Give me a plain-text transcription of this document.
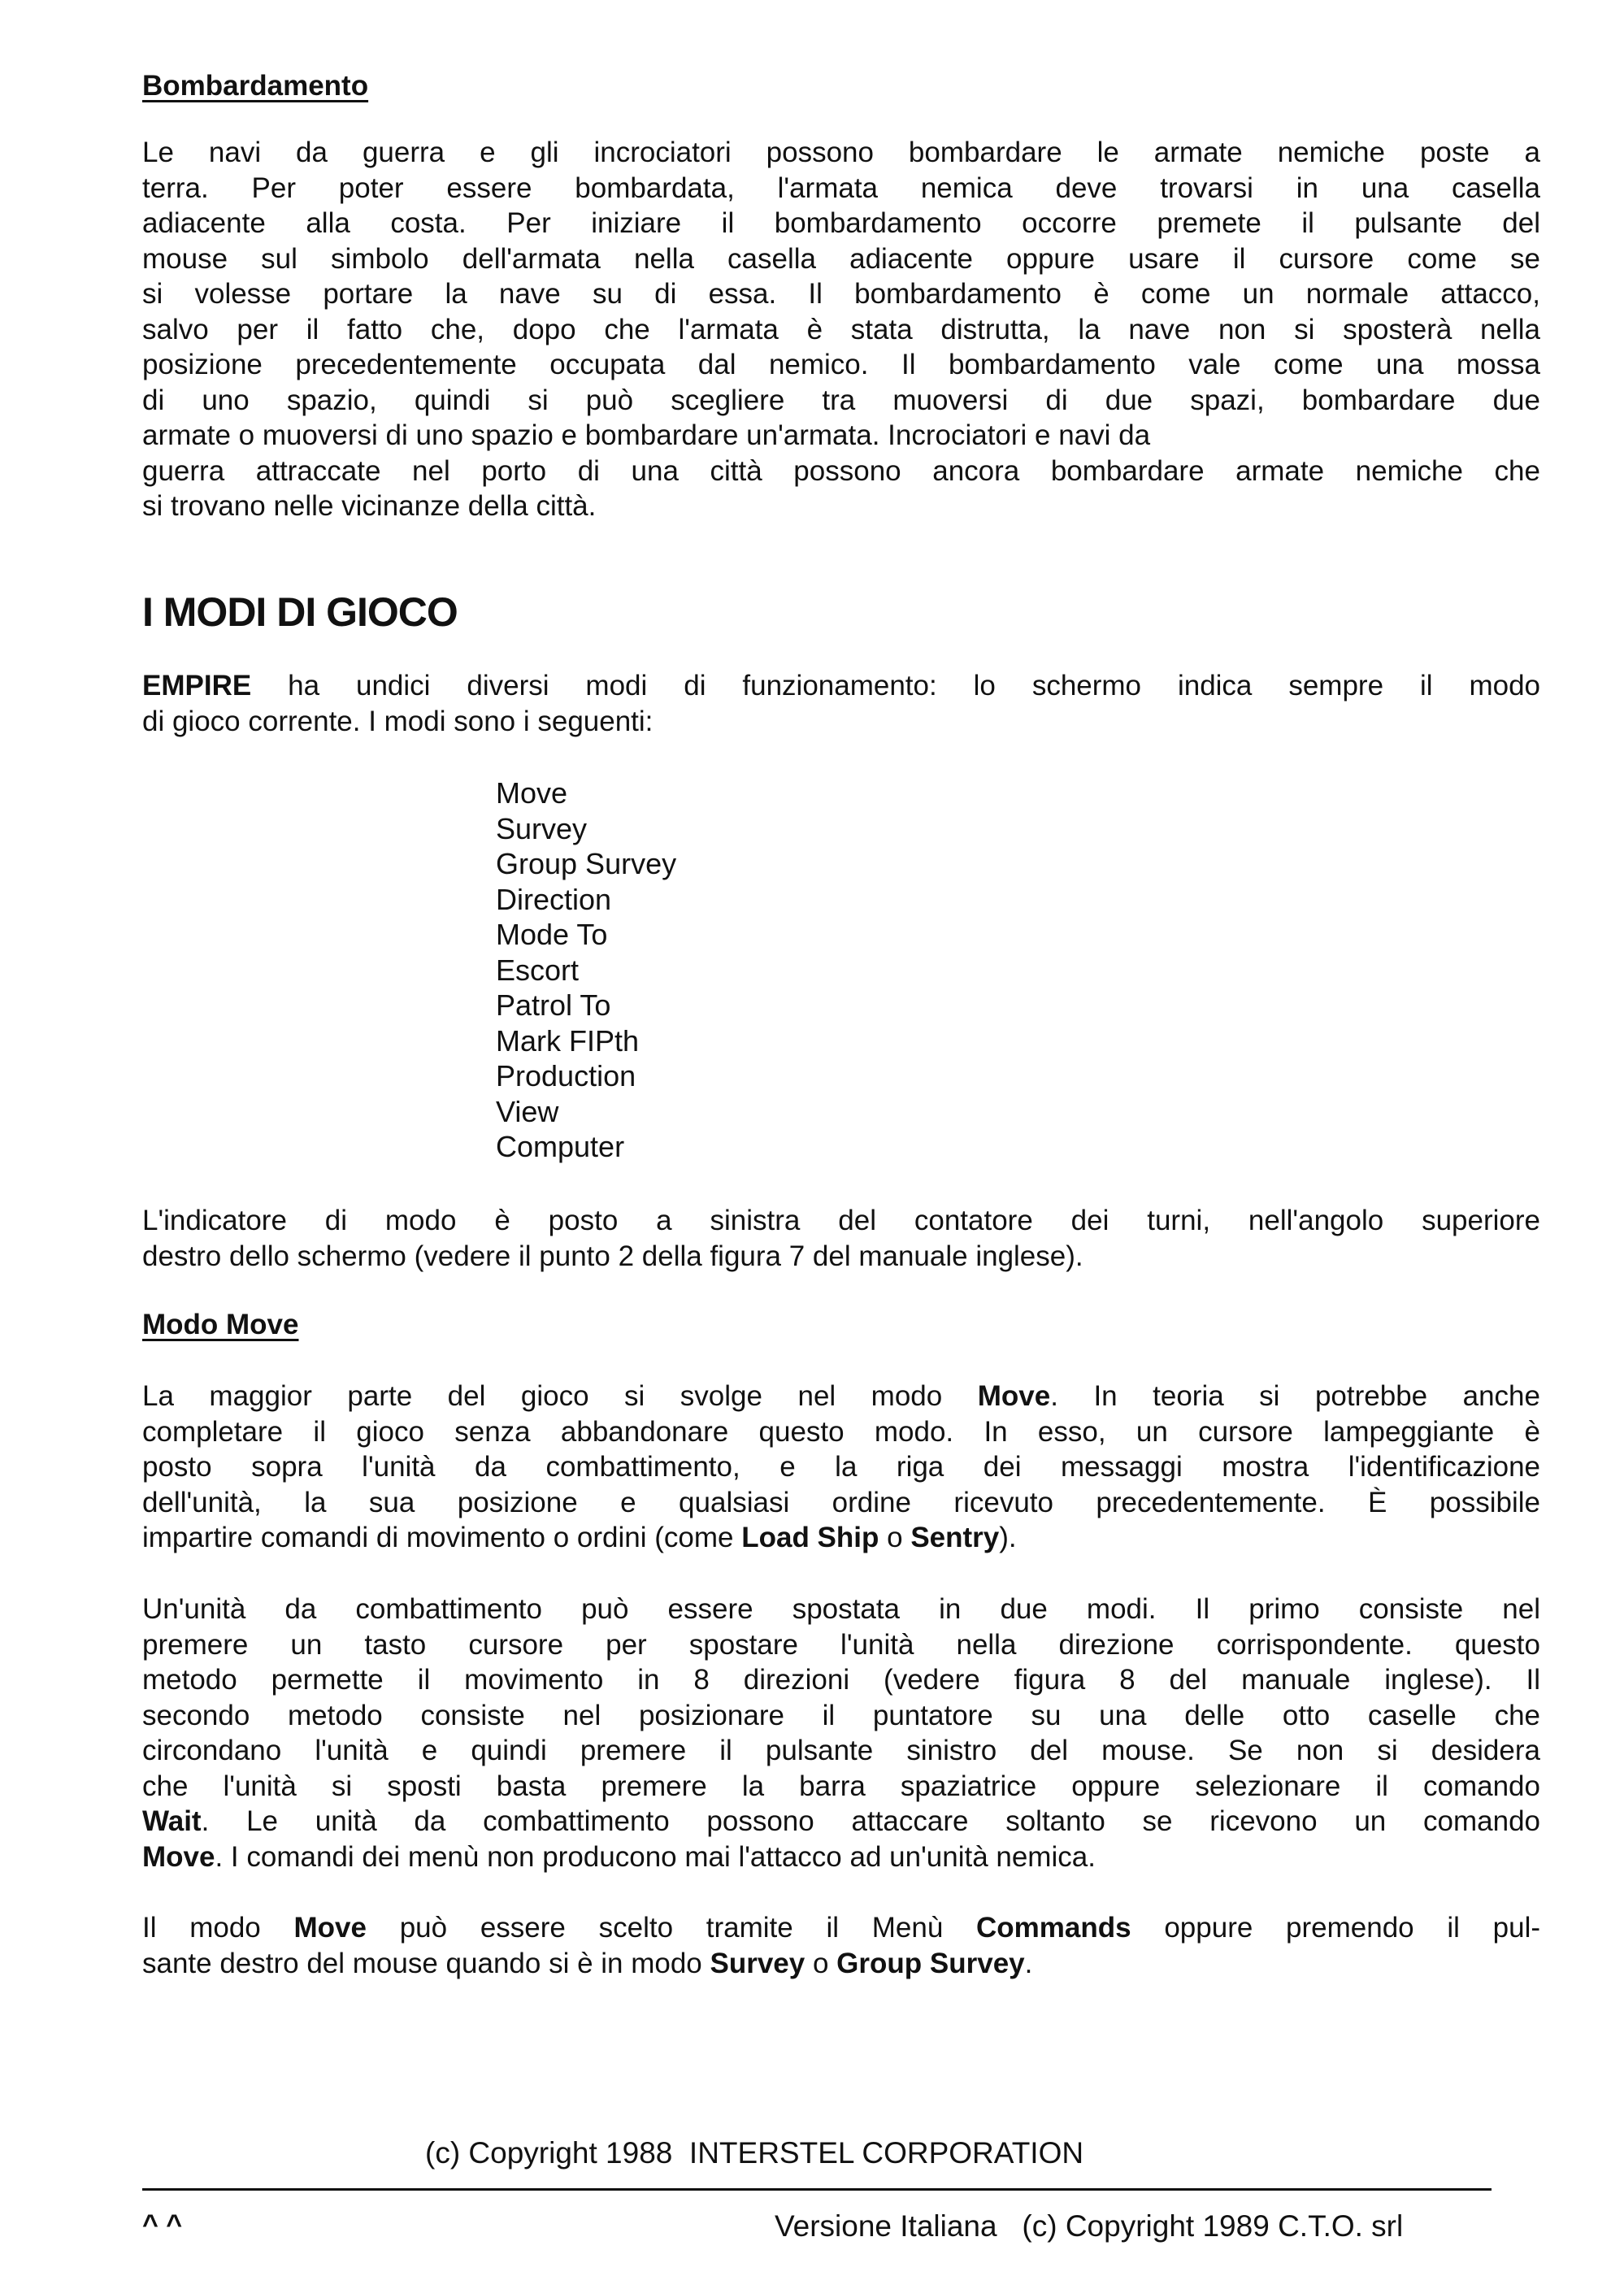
Bombardamento
Le navi da guerra e gli incrociatori possono bombardare le armate nemiche poste a
terra. Per poter essere bombardata, l'armata nemica deve trovarsi in una casella
adiacente alla costa. Per iniziare il bombardamento occorre premete il pulsante del
mouse sul simbolo dell'armata nella casella adiacente oppure usare il cursore come se
si volesse portare la nave su di essa. Il bombardamento è come un normale attacco,
salvo per il fatto che, dopo che l'armata è stata distrutta, la nave non si sposterà nella
posizione precedentemente occupata dal nemico. Il bombardamento vale come una mossa
di uno spazio, quindi si può scegliere tra muoversi di due spazi, bombardare due
armate o muoversi di uno spazio e bombardare un'armata. Incrociatori e navi da
guerra attraccate nel porto di una città possono ancora bombardare armate nemiche che
si trovano nelle vicinanze della città.
I MODI DI GIOCO
EMPIRE ha undici diversi modi di funzionamento: lo schermo indica sempre il modo
di gioco corrente. I modi sono i seguenti:
Move
Survey
Group Survey
Direction
Mode To
Escort
Patrol To
Mark FIPth
Production
View
Computer
L'indicatore di modo è posto a sinistra del contatore dei turni, nell'angolo superiore
destro dello schermo (vedere il punto 2 della figura 7 del manuale inglese).
Modo Move
La maggior parte del gioco si svolge nel modo Move. In teoria si potrebbe anche
completare il gioco senza abbandonare questo modo. In esso, un cursore lampeggiante è
posto sopra l'unità da combattimento, e la riga dei messaggi mostra l'identificazione
dell'unità, la sua posizione e qualsiasi ordine ricevuto precedentemente. È possibile
impartire comandi di movimento o ordini (come Load Ship o Sentry).
Un'unità da combattimento può essere spostata in due modi. Il primo consiste nel
premere un tasto cursore per spostare l'unità nella direzione corrispondente. questo
metodo permette il movimento in 8 direzioni (vedere figura 8 del manuale inglese). Il
secondo metodo consiste nel posizionare il puntatore su una delle otto caselle che
circondano l'unità e quindi premere il pulsante sinistro del mouse. Se non si desidera
che l'unità si sposti basta premere la barra spaziatrice oppure selezionare il comando
Wait. Le unità da combattimento possono attaccare soltanto se ricevono un comando
Move. I comandi dei menù non producono mai l'attacco ad un'unità nemica.
Il modo Move può essere scelto tramite il Menù Commands oppure premendo il pul-
sante destro del mouse quando si è in modo Survey o Group Survey.

(c) Copyright 1988  INTERSTEL CORPORATION

^ ^	Versione Italiana   (c) Copyright 1989 C.T.O. srl
